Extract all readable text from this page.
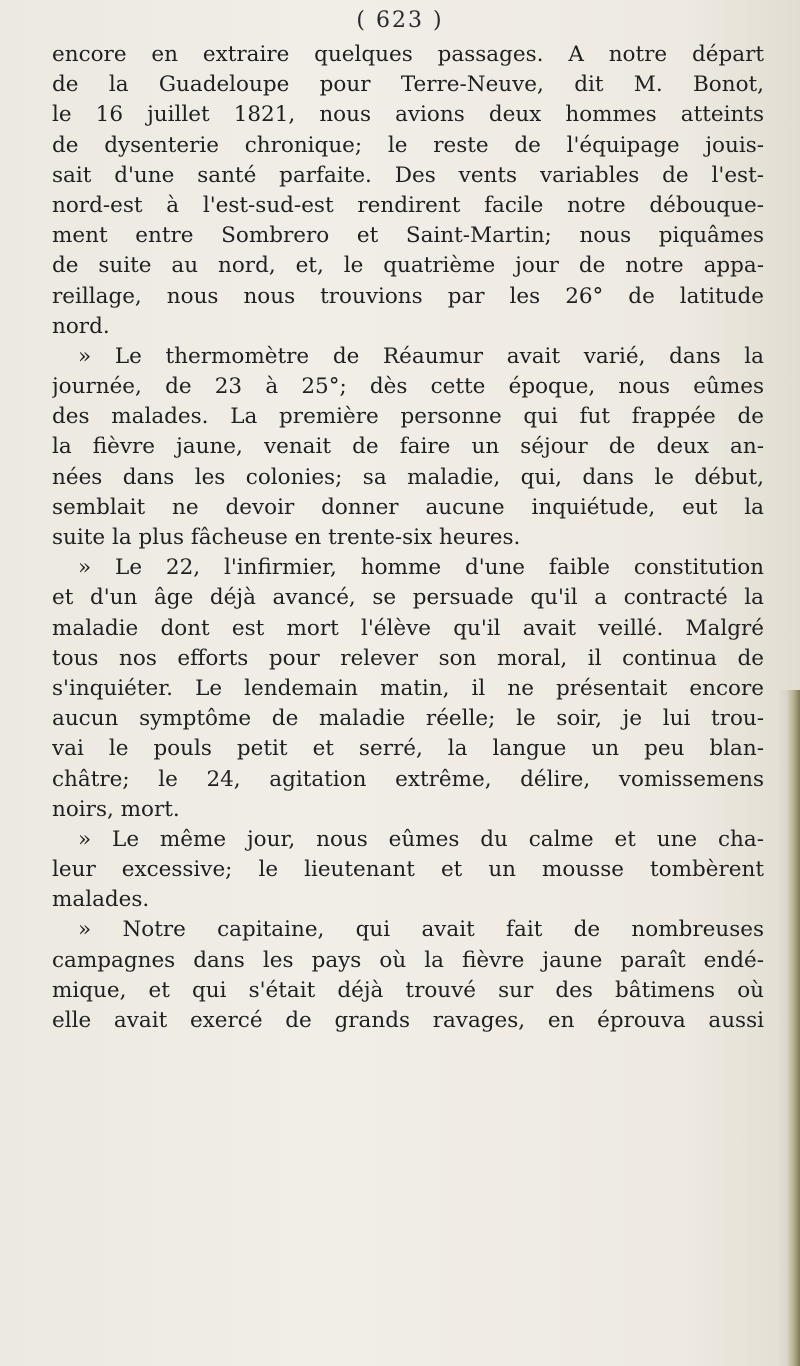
( 623 )
encore en extraire quelques passages. A notre départ
de la Guadeloupe pour Terre-Neuve, dit M. Bonot,
le 16 juillet 1821, nous avions deux hommes atteints
de dysenterie chronique; le reste de l'équipage jouis-
sait d'une santé parfaite. Des vents variables de l'est-
nord-est à l'est-sud-est rendirent facile notre débouque-
ment entre Sombrero et Saint-Martin; nous piquâmes
de suite au nord, et, le quatrième jour de notre appa-
reillage, nous nous trouvions par les 26° de latitude
nord.
» Le thermomètre de Réaumur avait varié, dans la
journée, de 23 à 25°; dès cette époque, nous eûmes
des malades. La première personne qui fut frappée de
la fièvre jaune, venait de faire un séjour de deux an-
nées dans les colonies; sa maladie, qui, dans le début,
semblait ne devoir donner aucune inquiétude, eut la
suite la plus fâcheuse en trente-six heures.
» Le 22, l'infirmier, homme d'une faible constitution
et d'un âge déjà avancé, se persuade qu'il a contracté la
maladie dont est mort l'élève qu'il avait veillé. Malgré
tous nos efforts pour relever son moral, il continua de
s'inquiéter. Le lendemain matin, il ne présentait encore
aucun symptôme de maladie réelle; le soir, je lui trou-
vai le pouls petit et serré, la langue un peu blan-
châtre; le 24, agitation extrême, délire, vomissemens
noirs, mort.
» Le même jour, nous eûmes du calme et une cha-
leur excessive; le lieutenant et un mousse tombèrent
malades.
» Notre capitaine, qui avait fait de nombreuses
campagnes dans les pays où la fièvre jaune paraît endé-
mique, et qui s'était déjà trouvé sur des bâtimens où
elle avait exercé de grands ravages, en éprouva aussi
